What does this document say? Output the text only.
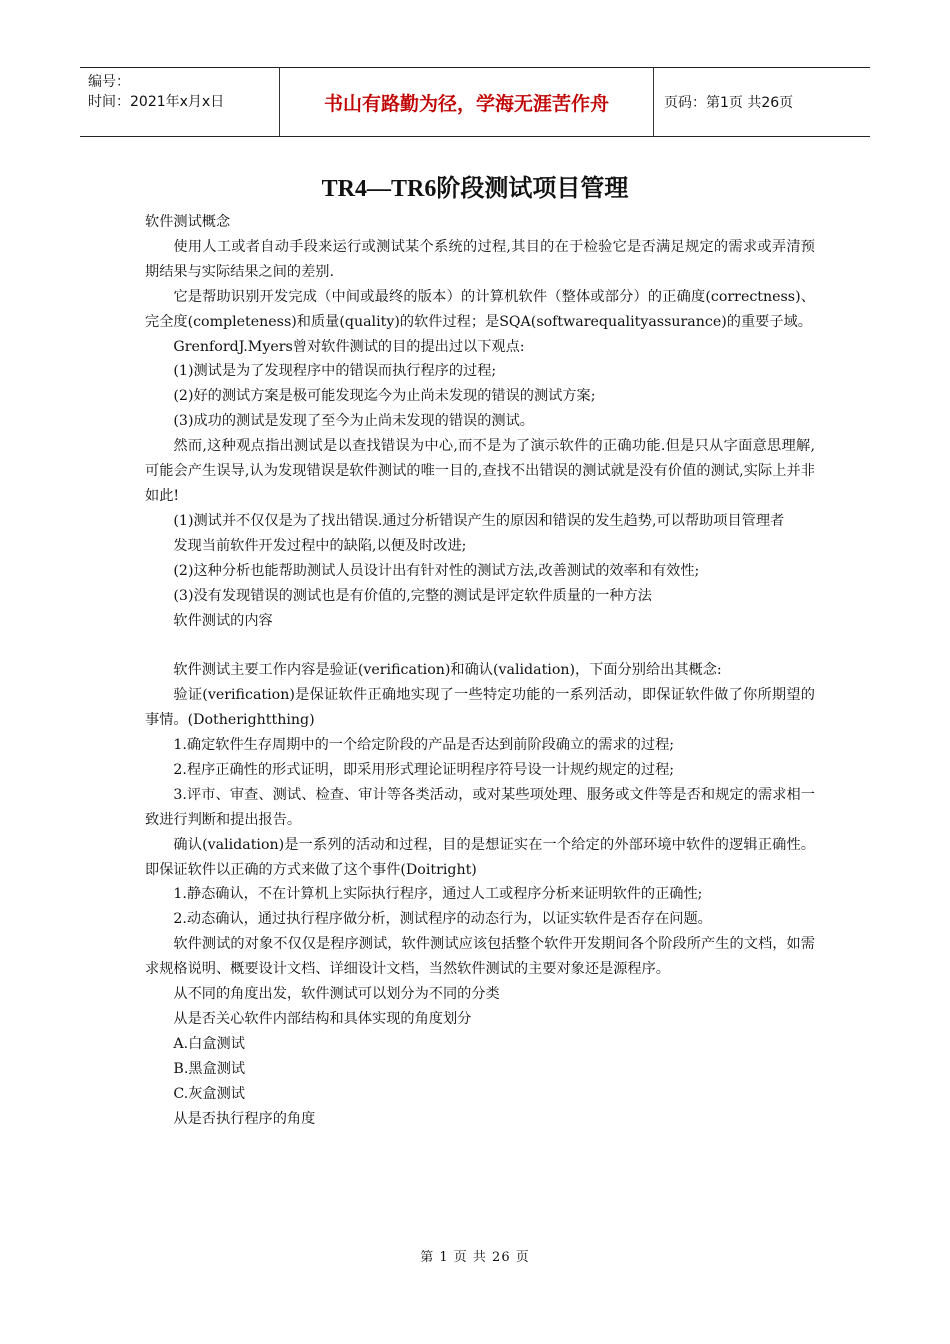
编号：
时间：2021年x月x日	书山有路勤为径，学海无涯苦作舟	页码：第1页 共26页
TR4—TR6阶段测试项目管理

软件测试概念

使用人工或者自动手段来运行或测试某个系统的过程,其目的在于检验它是否满足规定的需求或弄清预期结果与实际结果之间的差别.

它是帮助识别开发完成（中间或最终的版本）的计算机软件（整体或部分）的正确度(correctness)、完全度(completeness)和质量(quality)的软件过程；是SQA(softwarequalityassurance)的重要子域。

GrenfordJ.Myers曾对软件测试的目的提出过以下观点:

(1)测试是为了发现程序中的错误而执行程序的过程;

(2)好的测试方案是极可能发现迄今为止尚未发现的错误的测试方案;

(3)成功的测试是发现了至今为止尚未发现的错误的测试。

然而,这种观点指出测试是以查找错误为中心,而不是为了演示软件的正确功能.但是只从字面意思理解,可能会产生误导,认为发现错误是软件测试的唯一目的,查找不出错误的测试就是没有价值的测试,实际上并非如此!

(1)测试并不仅仅是为了找出错误.通过分析错误产生的原因和错误的发生趋势,可以帮助项目管理者

发现当前软件开发过程中的缺陷,以便及时改进;

(2)这种分析也能帮助测试人员设计出有针对性的测试方法,改善测试的效率和有效性;

(3)没有发现错误的测试也是有价值的,完整的测试是评定软件质量的一种方法

软件测试的内容

软件测试主要工作内容是验证(verification)和确认(validation)，下面分别给出其概念:

验证(verification)是保证软件正确地实现了一些特定功能的一系列活动，即保证软件做了你所期望的事情。(Dotherightthing)

1.确定软件生存周期中的一个给定阶段的产品是否达到前阶段确立的需求的过程;

2.程序正确性的形式证明，即采用形式理论证明程序符号设一计规约规定的过程;

3.评市、审查、测试、检查、审计等各类活动，或对某些项处理、服务或文件等是否和规定的需求相一致进行判断和提出报告。

确认(validation)是一系列的活动和过程，目的是想证实在一个给定的外部环境中软件的逻辑正确性。即保证软件以正确的方式来做了这个事件(Doitright)

1.静态确认，不在计算机上实际执行程序，通过人工或程序分析来证明软件的正确性;

2.动态确认，通过执行程序做分析，测试程序的动态行为，以证实软件是否存在问题。

软件测试的对象不仅仅是程序测试，软件测试应该包括整个软件开发期间各个阶段所产生的文档，如需求规格说明、概要设计文档、详细设计文档，当然软件测试的主要对象还是源程序。

从不同的角度出发，软件测试可以划分为不同的分类

从是否关心软件内部结构和具体实现的角度划分

A.白盒测试

B.黑盒测试

C.灰盒测试

从是否执行程序的角度

第 1 页 共 26 页
